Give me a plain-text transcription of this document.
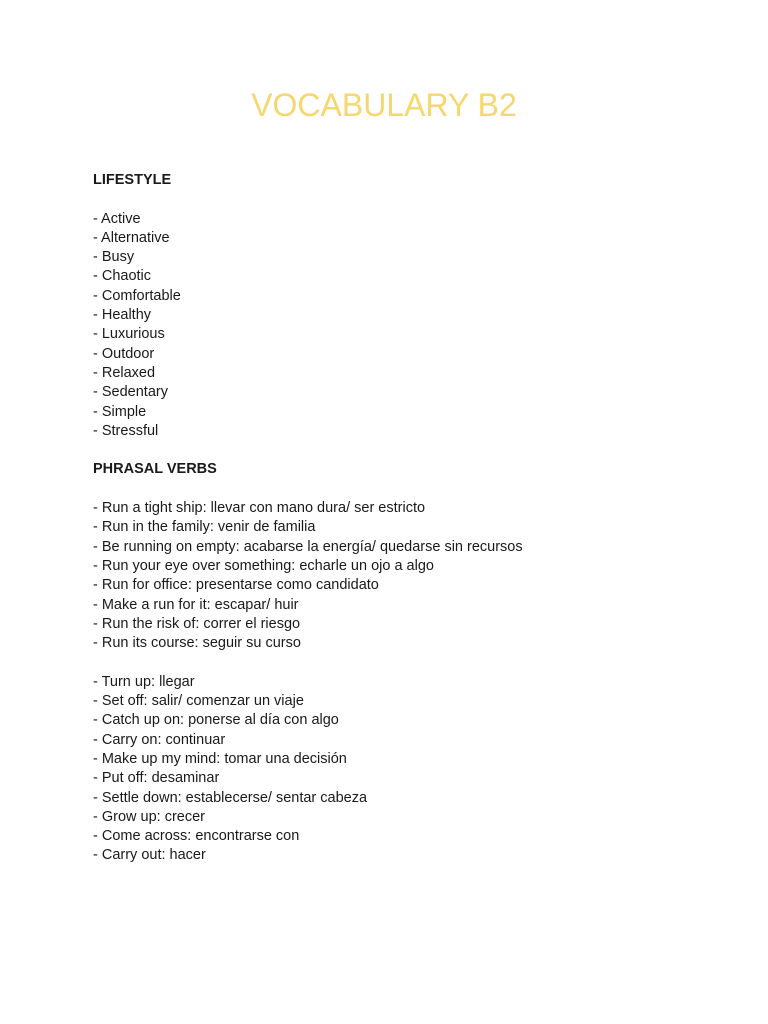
VOCABULARY B2

LIFESTYLE

- Active
- Alternative
- Busy
- Chaotic
- Comfortable
- Healthy
- Luxurious
- Outdoor
- Relaxed
- Sedentary
- Simple
- Stressful

PHRASAL VERBS

- Run a tight ship: llevar con mano dura/ ser estricto
- Run in the family: venir de familia
- Be running on empty: acabarse la energía/ quedarse sin recursos
- Run your eye over something: echarle un ojo a algo
- Run for office: presentarse como candidato
- Make a run for it: escapar/ huir
- Run the risk of: correr el riesgo
- Run its course: seguir su curso
- Turn up: llegar
- Set off: salir/ comenzar un viaje
- Catch up on: ponerse al día con algo
- Carry on: continuar
- Make up my mind: tomar una decisión
- Put off: desaminar
- Settle down: establecerse/ sentar cabeza
- Grow up: crecer
- Come across: encontrarse con
- Carry out: hacer
